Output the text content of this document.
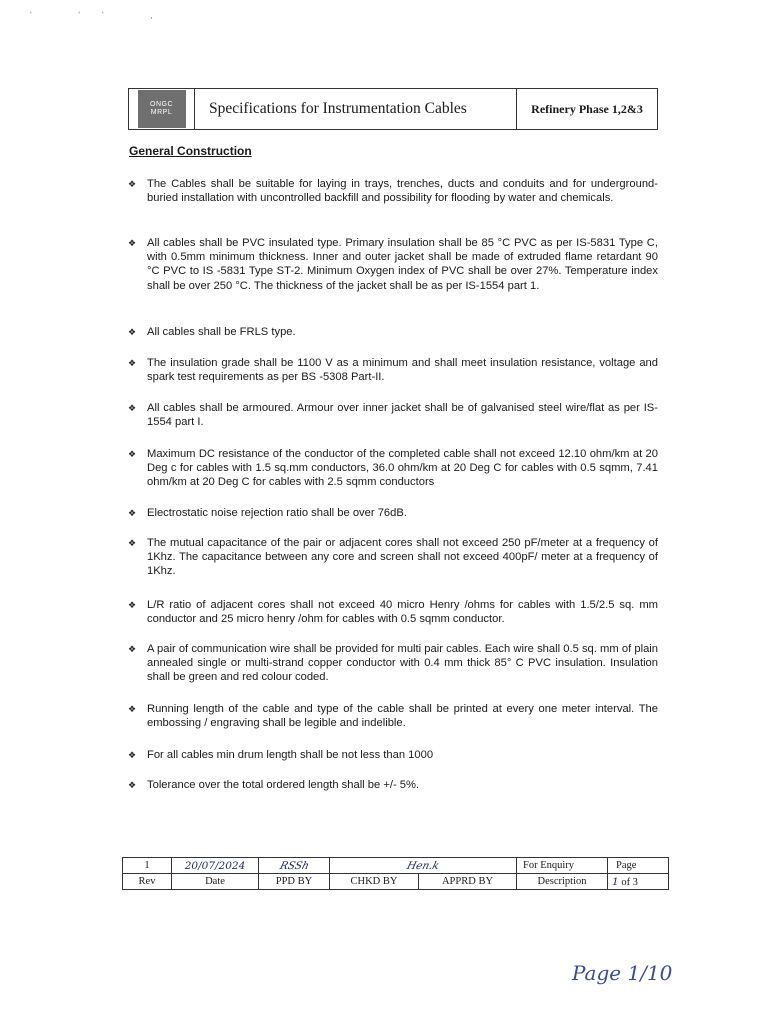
' '' ,
ONGC
MRPL	Specifications for Instrumentation Cables	Refinery Phase 1,2&3
General Construction
❖ The Cables shall be suitable for laying in trays, trenches, ducts and conduits and for underground-buried installation with uncontrolled backfill and possibility for flooding by water and chemicals.
❖ All cables shall be PVC insulated type. Primary insulation shall be 85 °C PVC as per IS-5831 Type C, with 0.5mm minimum thickness. Inner and outer jacket shall be made of extruded flame retardant 90 °C PVC to IS -5831 Type ST-2. Minimum Oxygen index of PVC shall be over 27%. Temperature index shall be over 250 °C. The thickness of the jacket shall be as per IS-1554 part 1.
❖ All cables shall be FRLS type.
❖ The insulation grade shall be 1100 V as a minimum and shall meet insulation resistance, voltage and spark test requirements as per BS -5308 Part-II.
❖ All cables shall be armoured. Armour over inner jacket shall be of galvanised steel wire/flat as per IS-1554 part I.
❖ Maximum DC resistance of the conductor of the completed cable shall not exceed 12.10 ohm/km at 20 Deg c for cables with 1.5 sq.mm conductors, 36.0 ohm/km at 20 Deg C for cables with 0.5 sqmm, 7.41 ohm/km at 20 Deg C for cables with 2.5 sqmm conductors
❖ Electrostatic noise rejection ratio shall be over 76dB.
❖ The mutual capacitance of the pair or adjacent cores shall not exceed 250 pF/meter at a frequency of 1Khz. The capacitance between any core and screen shall not exceed 400pF/ meter at a frequency of 1Khz.
❖ L/R ratio of adjacent cores shall not exceed 40 micro Henry /ohms for cables with 1.5/2.5 sq. mm conductor and 25 micro henry /ohm for cables with 0.5 sqmm conductor.
❖ A pair of communication wire shall be provided for multi pair cables. Each wire shall 0.5 sq. mm of plain annealed single or multi-strand copper conductor with 0.4 mm thick 85° C PVC insulation. Insulation shall be green and red colour coded.
❖ Running length of the cable and type of the cable shall be printed at every one meter interval. The embossing / engraving shall be legible and indelible.
❖ For all cables min drum length shall be not less than 1000
❖ Tolerance over the total ordered length shall be +/- 5%.
1	20/07/2024	RSSh	Hen.k		For Enquiry	Page
Rev	Date	PPD BY	CHKD BY	APPRD BY	Description	1 of 3
Page 1/10
